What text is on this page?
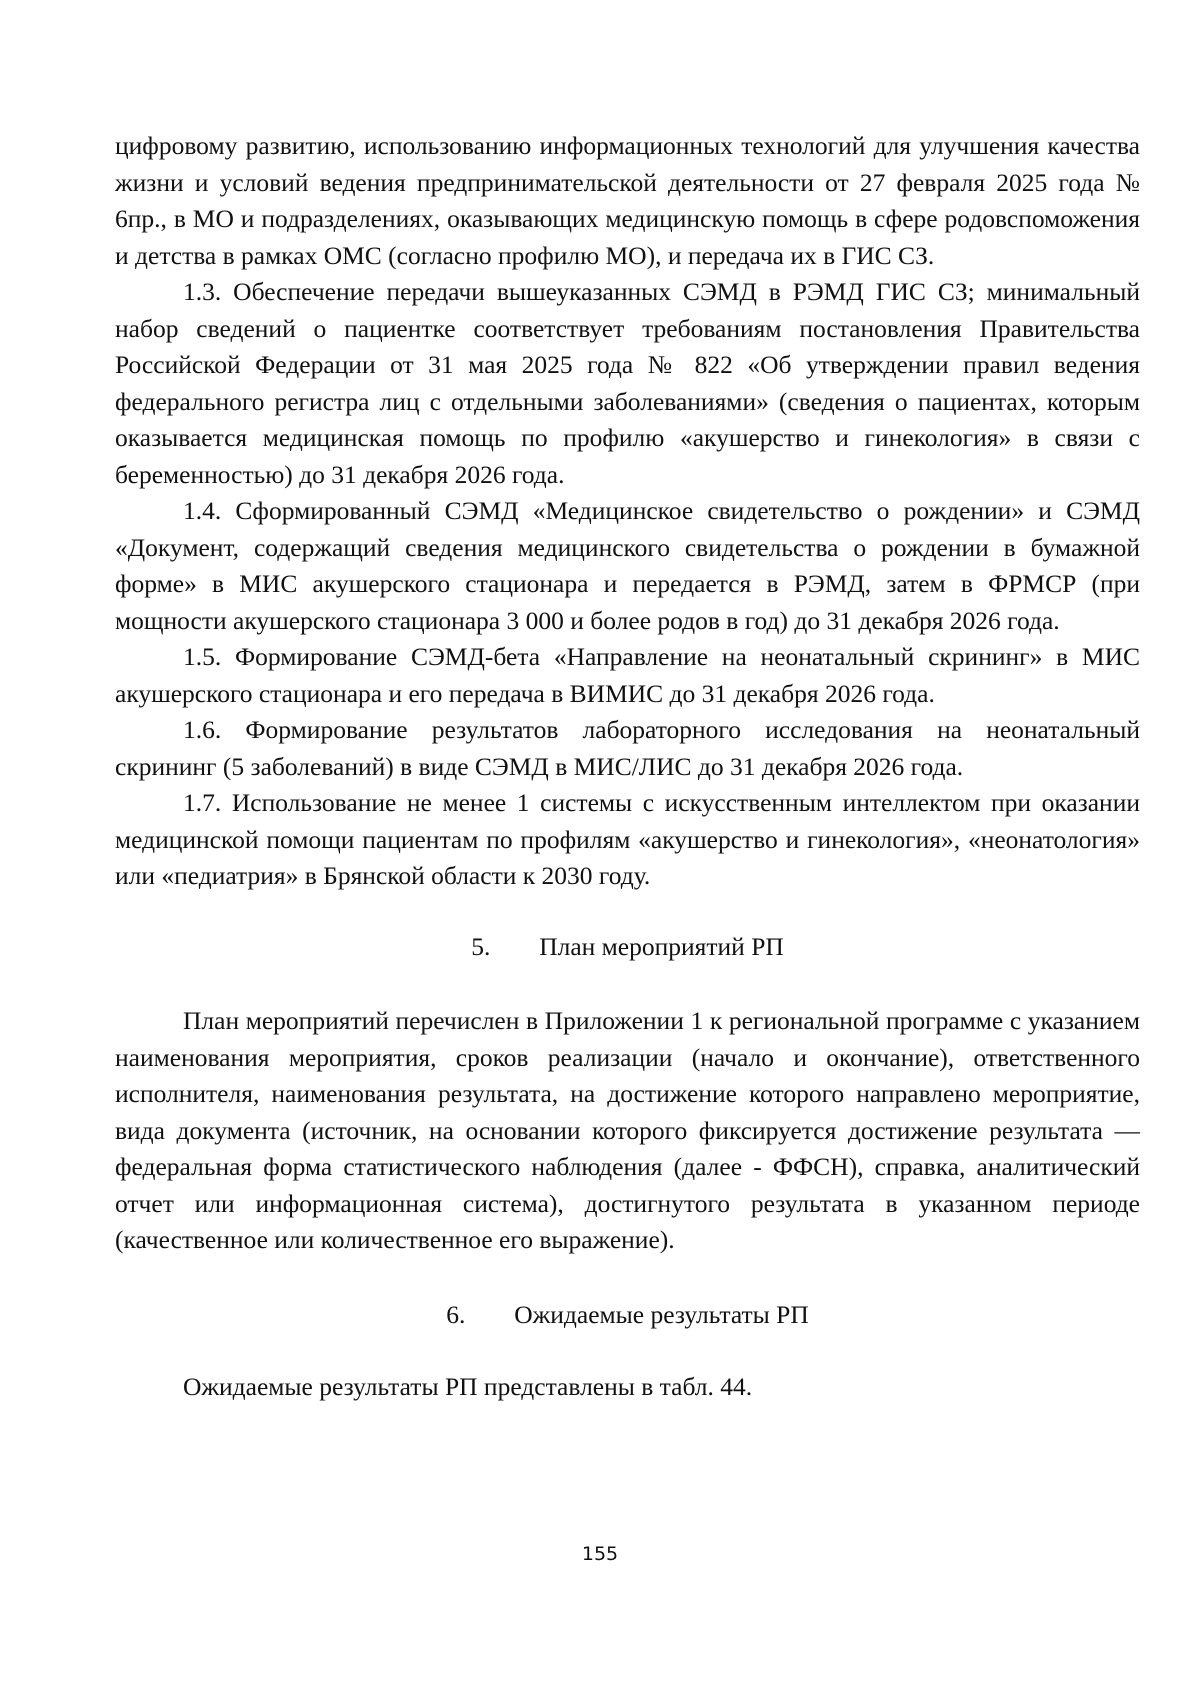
цифровому развитию, использованию информационных технологий для улучшения качества жизни и условий ведения предпринимательской деятельности от 27 февраля 2025 года № 6пр., в МО и подразделениях, оказывающих медицинскую помощь в сфере родовспоможения и детства в рамках ОМС (согласно профилю МО), и передача их в ГИС СЗ.

1.3. Обеспечение передачи вышеуказанных СЭМД в РЭМД ГИС СЗ; минимальный набор сведений о пациентке соответствует требованиям постановления Правительства Российской Федерации от 31 мая 2025 года № 822 «Об утверждении правил ведения федерального регистра лиц с отдельными заболеваниями» (сведения о пациентах, которым оказывается медицинская помощь по профилю «акушерство и гинекология» в связи с беременностью) до 31 декабря 2026 года.

1.4. Сформированный СЭМД «Медицинское свидетельство о рождении» и СЭМД «Документ, содержащий сведения медицинского свидетельства о рождении в бумажной форме» в МИС акушерского стационара и передается в РЭМД, затем в ФРМСР (при мощности акушерского стационара 3 000 и более родов в год) до 31 декабря 2026 года.

1.5. Формирование СЭМД-бета «Направление на неонатальный скрининг» в МИС акушерского стационара и его передача в ВИМИС до 31 декабря 2026 года.

1.6. Формирование результатов лабораторного исследования на неонатальный скрининг (5 заболеваний) в виде СЭМД в МИС/ЛИС до 31 декабря 2026 года.

1.7. Использование не менее 1 системы с искусственным интеллектом при оказании медицинской помощи пациентам по профилям «акушерство и гинекология», «неонатология» или «педиатрия» в Брянской области к 2030 году.

5.	План мероприятий РП

План мероприятий перечислен в Приложении 1 к региональной программе с указанием наименования мероприятия, сроков реализации (начало и окончание), ответственного исполнителя, наименования результата, на достижение которого направлено мероприятие, вида документа (источник, на основании которого фиксируется достижение результата — федеральная форма статистического наблюдения (далее - ФФСН), справка, аналитический отчет или информационная система), достигнутого результата в указанном периоде (качественное или количественное его выражение).

6.	Ожидаемые результаты РП

Ожидаемые результаты РП представлены в табл. 44.

155
